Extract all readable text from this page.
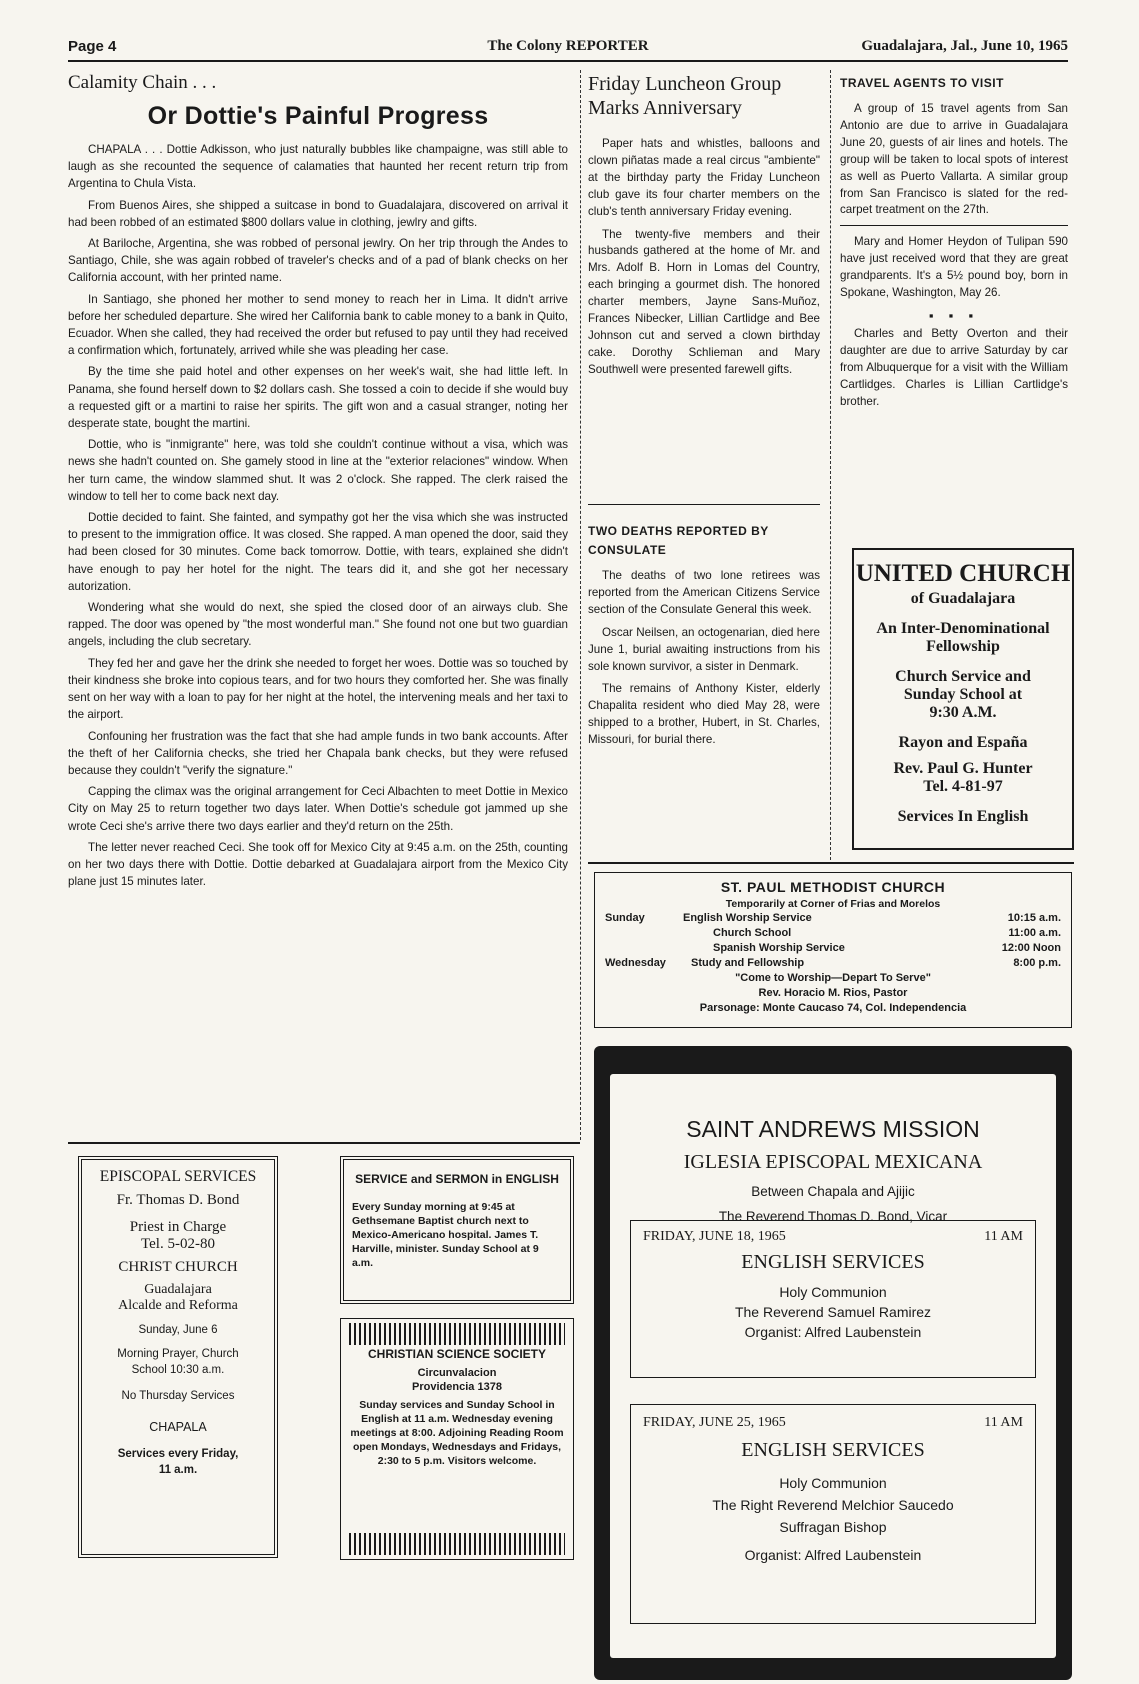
Page 4	The Colony REPORTER	Guadalajara, Jal., June 10, 1965
Calamity Chain . . .
Or Dottie's Painful Progress

CHAPALA . . . Dottie Adkisson, who just naturally bubbles like champaigne, was still able to laugh as she recounted the sequence of calamaties that haunted her recent return trip from Argentina to Chula Vista.

From Buenos Aires, she shipped a suitcase in bond to Guadalajara, discovered on arrival it had been robbed of an estimated $800 dollars value in clothing, jewlry and gifts.

At Bariloche, Argentina, she was robbed of personal jewlry. On her trip through the Andes to Santiago, Chile, she was again robbed of traveler's checks and of a pad of blank checks on her California account, with her printed name.

In Santiago, she phoned her mother to send money to reach her in Lima. It didn't arrive before her scheduled departure. She wired her California bank to cable money to a bank in Quito, Ecuador. When she called, they had received the order but refused to pay until they had received a confirmation which, fortunately, arrived while she was pleading her case.

By the time she paid hotel and other expenses on her week's wait, she had little left. In Panama, she found herself down to $2 dollars cash. She tossed a coin to decide if she would buy a requested gift or a martini to raise her spirits. The gift won and a casual stranger, noting her desperate state, bought the martini.

Dottie, who is "inmigrante" here, was told she couldn't continue without a visa, which was news she hadn't counted on. She gamely stood in line at the "exterior relaciones" window. When her turn came, the window slammed shut. It was 2 o'clock. She rapped. The clerk raised the window to tell her to come back next day.

Dottie decided to faint. She fainted, and sympathy got her the visa which she was instructed to present to the immigration office. It was closed. She rapped. A man opened the door, said they had been closed for 30 minutes. Come back tomorrow. Dottie, with tears, explained she didn't have enough to pay her hotel for the night. The tears did it, and she got her necessary autorization.

Wondering what she would do next, she spied the closed door of an airways club. She rapped. The door was opened by "the most wonderful man." She found not one but two guardian angels, including the club secretary.

They fed her and gave her the drink she needed to forget her woes. Dottie was so touched by their kindness she broke into copious tears, and for two hours they comforted her. She was finally sent on her way with a loan to pay for her night at the hotel, the intervening meals and her taxi to the airport.

Confouning her frustration was the fact that she had ample funds in two bank accounts. After the theft of her California checks, she tried her Chapala bank checks, but they were refused because they couldn't "verify the signature."

Capping the climax was the original arrangement for Ceci Albachten to meet Dottie in Mexico City on May 25 to return together two days later. When Dottie's schedule got jammed up she wrote Ceci she's arrive there two days earlier and they'd return on the 25th.

The letter never reached Ceci. She took off for Mexico City at 9:45 a.m. on the 25th, counting on her two days there with Dottie. Dottie debarked at Guadalajara airport from the Mexico City plane just 15 minutes later.

Friday Luncheon Group Marks Anniversary

Paper hats and whistles, balloons and clown piñatas made a real circus "ambiente" at the birthday party the Friday Luncheon club gave its four charter members on the club's tenth anniversary Friday evening.

The twenty-five members and their husbands gathered at the home of Mr. and Mrs. Adolf B. Horn in Lomas del Country, each bringing a gourmet dish. The honored charter members, Jayne Sans-Muñoz, Frances Nibecker, Lillian Cartlidge and Bee Johnson cut and served a clown birthday cake. Dorothy Schlieman and Mary Southwell were presented farewell gifts.

TWO DEATHS REPORTED BY CONSULATE

The deaths of two lone retirees was reported from the American Citizens Service section of the Consulate General this week.

Oscar Neilsen, an octogenarian, died here June 1, burial awaiting instructions from his sole known survivor, a sister in Denmark.

The remains of Anthony Kister, elderly Chapalita resident who died May 28, were shipped to a brother, Hubert, in St. Charles, Missouri, for burial there.

TRAVEL AGENTS TO VISIT

A group of 15 travel agents from San Antonio are due to arrive in Guadalajara June 20, guests of air lines and hotels. The group will be taken to local spots of interest as well as Puerto Vallarta. A similar group from San Francisco is slated for the red-carpet treatment on the 27th.

Mary and Homer Heydon of Tulipan 590 have just received word that they are great grandparents. It's a 5½ pound boy, born in Spokane, Washington, May 26.

▪ ▪ ▪

Charles and Betty Overton and their daughter are due to arrive Saturday by car from Albuquerque for a visit with the William Cartlidges. Charles is Lillian Cartlidge's brother.

UNITED CHURCH
of Guadalajara
An Inter-Denominational
Fellowship
Church Service and
Sunday School at
9:30 A.M.
Rayon and España
Rev. Paul G. Hunter
Tel. 4-81-97
Services In English
ST. PAUL METHODIST CHURCH
Temporarily at Corner of Frias and Morelos
Sunday	English Worship Service	10:15 a.m.
Church School	11:00 a.m.
Spanish Worship Service	12:00 Noon
Wednesday	Study and Fellowship	8:00 p.m.
"Come to Worship—Depart To Serve"
Rev. Horacio M. Rios, Pastor
Parsonage: Monte Caucaso 74, Col. Independencia
SAINT ANDREWS MISSION
IGLESIA EPISCOPAL MEXICANA
Between Chapala and Ajijic
The Reverend Thomas D. Bond, Vicar
FRIDAY, JUNE 18, 1965	11 AM
ENGLISH SERVICES
Holy Communion
The Reverend Samuel Ramirez
Organist: Alfred Laubenstein
FRIDAY, JUNE 25, 1965	11 AM
ENGLISH SERVICES
Holy Communion
The Right Reverend Melchior Saucedo
Suffragan Bishop
Organist: Alfred Laubenstein
EPISCOPAL SERVICES
Fr. Thomas D. Bond
Priest in Charge
Tel. 5-02-80
CHRIST CHURCH
Guadalajara
Alcalde and Reforma
Sunday, June 6
Morning Prayer, Church
School 10:30 a.m.
No Thursday Services
CHAPALA
Services every Friday,
11 a.m.
SERVICE and SERMON in ENGLISH
Every Sunday morning at 9:45 at Gethsemane Baptist church next to Mexico-Americano hospital. James T. Harville, minister. Sunday School at 9 a.m.
CHRISTIAN SCIENCE SOCIETY
Circunvalacion
Providencia 1378
Sunday services and Sunday School in English at 11 a.m. Wednesday evening meetings at 8:00. Adjoining Reading Room open Mondays, Wednesdays and Fridays, 2:30 to 5 p.m. Visitors welcome.
